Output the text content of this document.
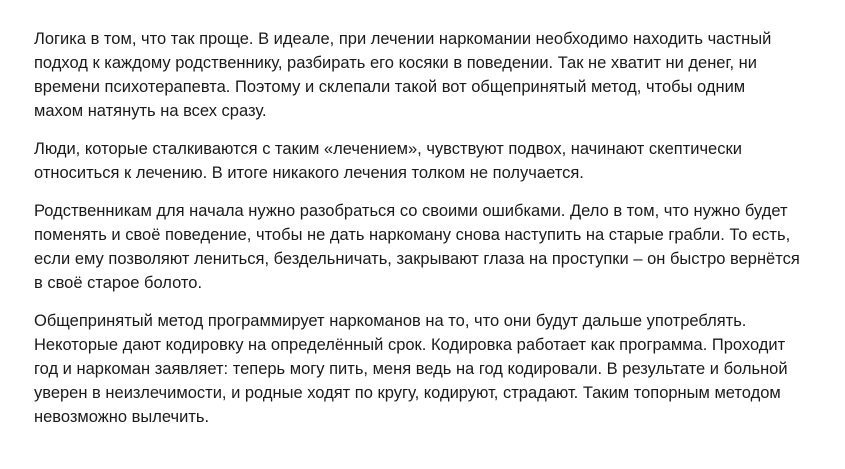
Логика в том, что так проще. В идеале, при лечении наркомании необходимо находить частный
подход к каждому родственнику, разбирать его косяки в поведении. Так не хватит ни денег, ни
времени психотерапевта. Поэтому и склепали такой вот общепринятый метод, чтобы одним
махом натянуть на всех сразу.

Люди, которые сталкиваются с таким «лечением», чувствуют подвох, начинают скептически
относиться к лечению. В итоге никакого лечения толком не получается.

Родственникам для начала нужно разобраться со своими ошибками. Дело в том, что нужно будет
поменять и своё поведение, чтобы не дать наркоману снова наступить на старые грабли. То есть,
если ему позволяют лениться, бездельничать, закрывают глаза на проступки – он быстро вернётся
в своё старое болото.

Общепринятый метод программирует наркоманов на то, что они будут дальше употреблять.
Некоторые дают кодировку на определённый срок. Кодировка работает как программа. Проходит
год и наркоман заявляет: теперь могу пить, меня ведь на год кодировали. В результате и больной
уверен в неизлечимости, и родные ходят по кругу, кодируют, страдают. Таким топорным методом
невозможно вылечить.
